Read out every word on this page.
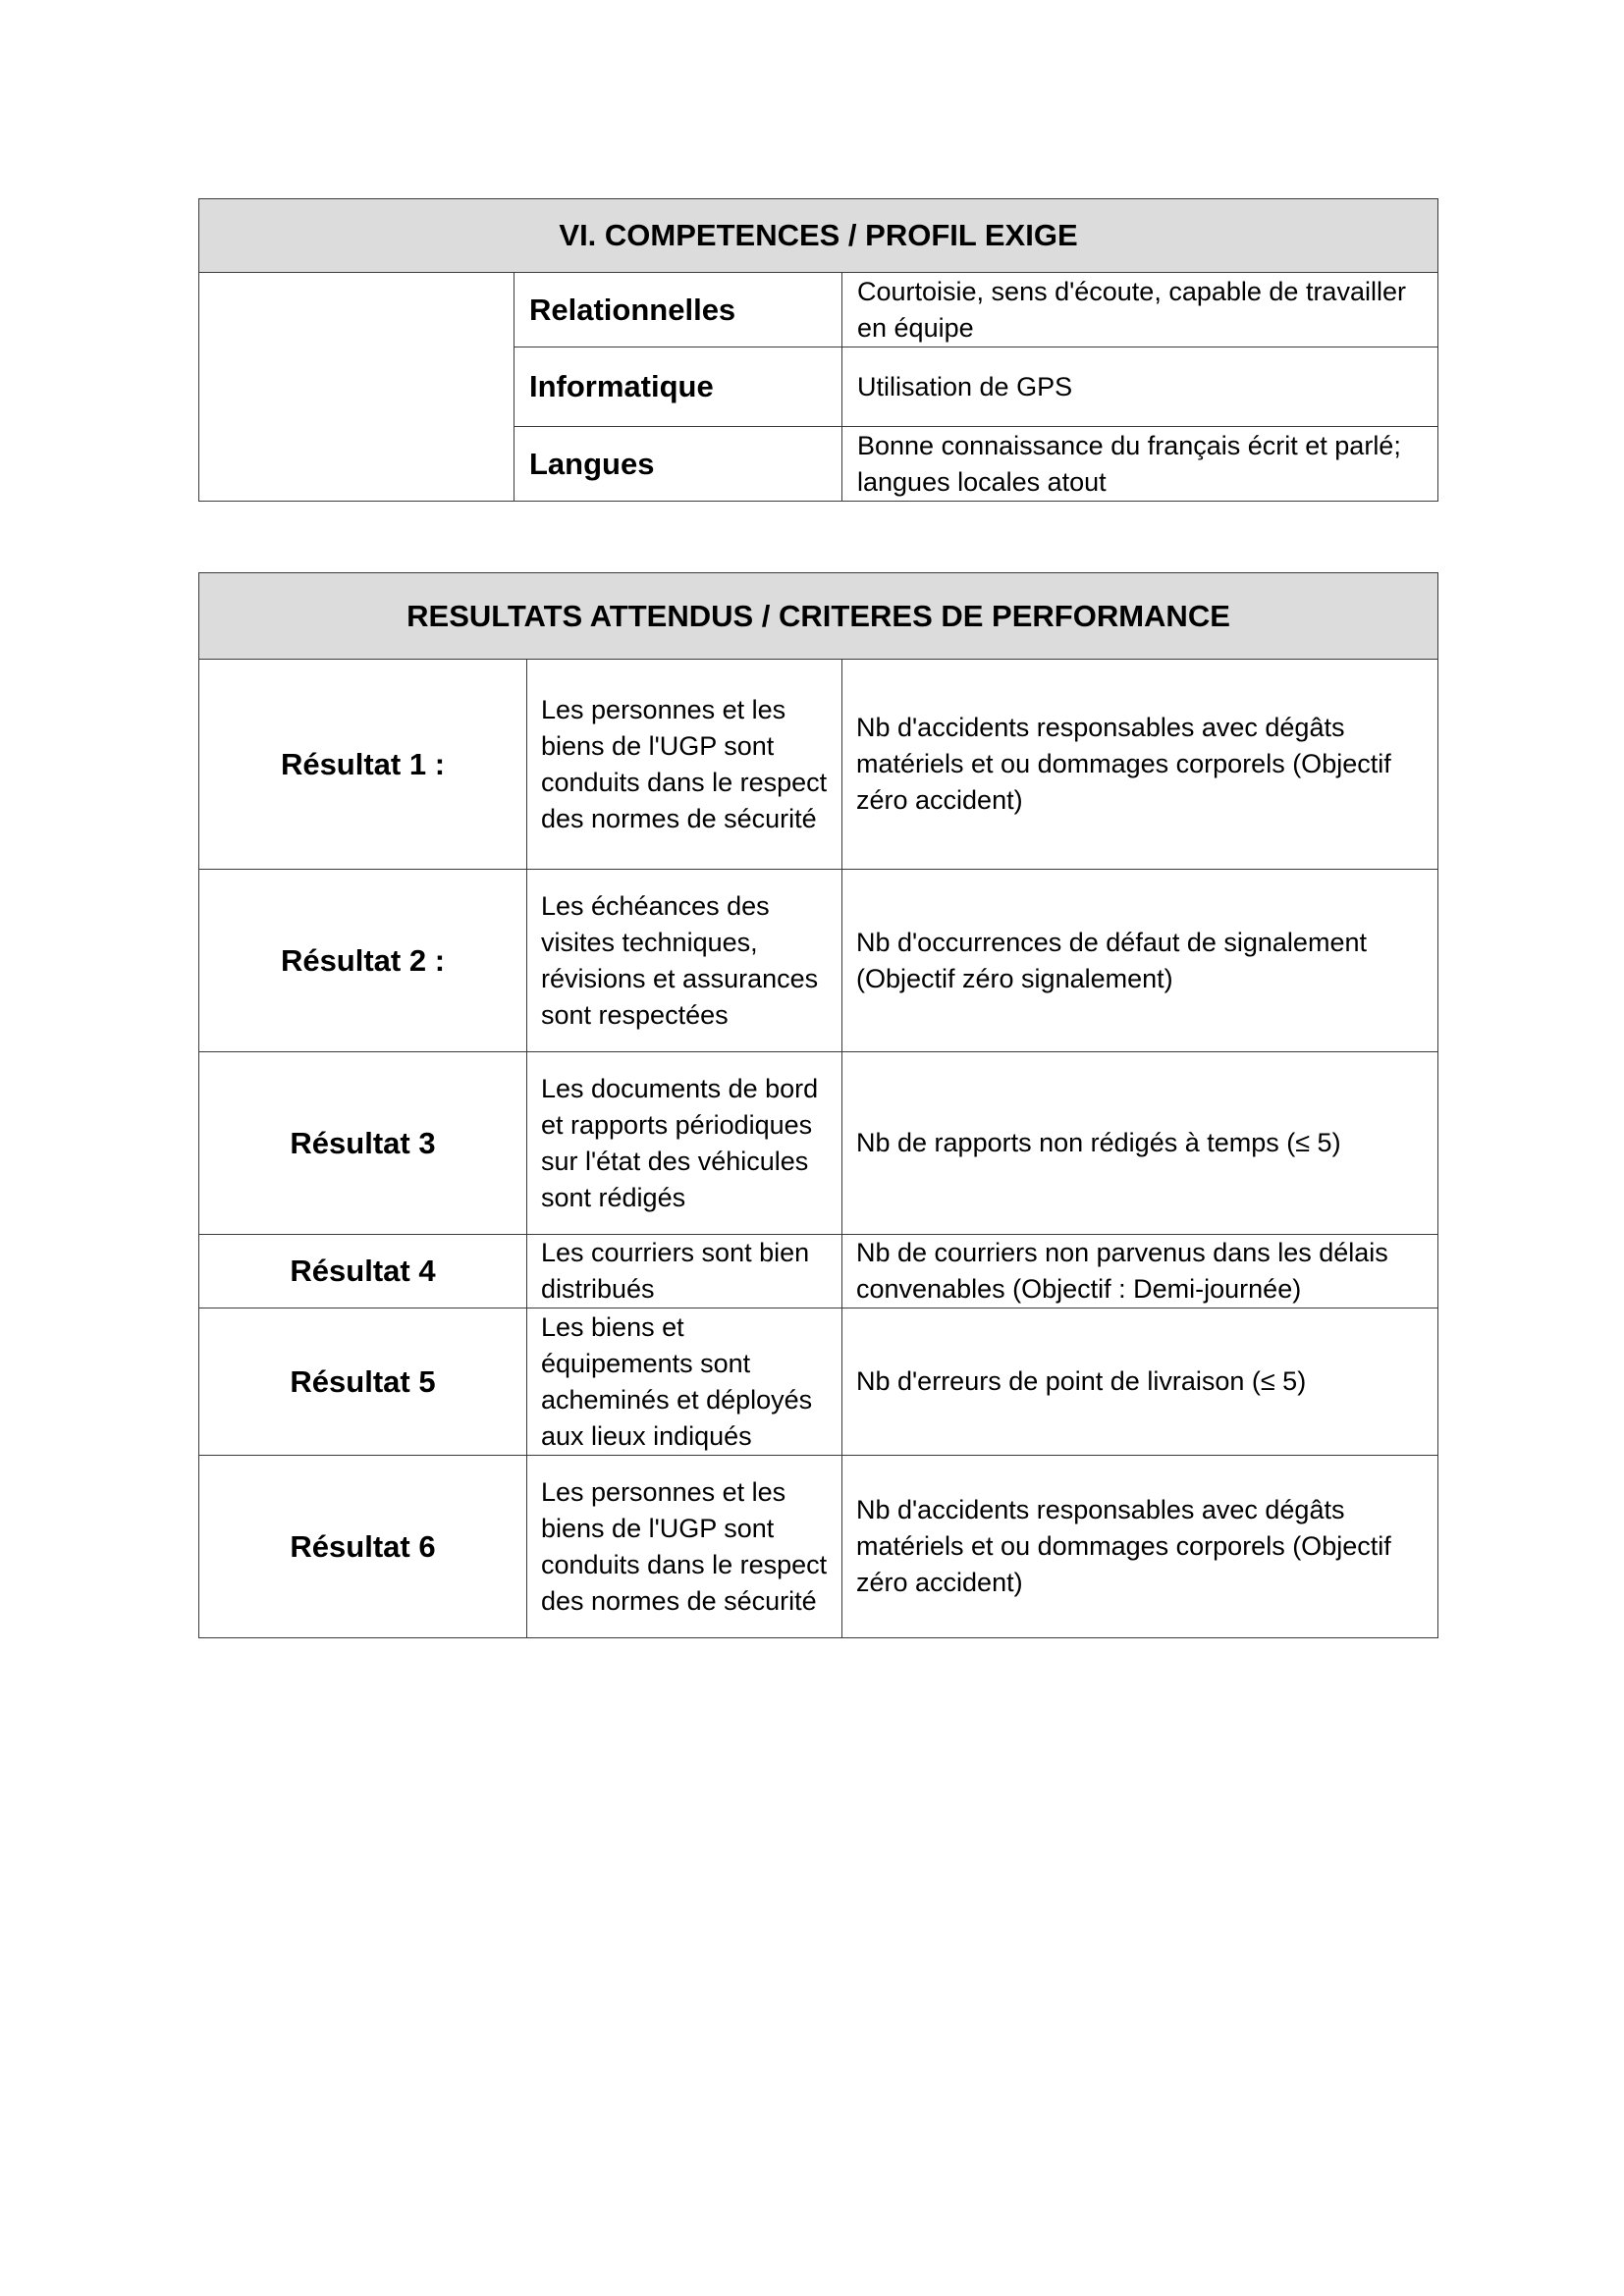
VI. COMPETENCES / PROFIL EXIGE		
	Relationnelles	Courtoisie, sens d'écoute, capable de travailler en équipe
	Informatique	Utilisation de GPS
	Langues	Bonne connaissance du français écrit et parlé; langues locales atout
RESULTATS ATTENDUS / CRITERES DE PERFORMANCE		
Résultat 1 :	Les personnes et les biens de l'UGP sont conduits dans le respect des normes de sécurité	Nb d'accidents responsables avec dégâts matériels et ou dommages corporels (Objectif zéro accident)
Résultat 2 :	Les échéances des visites techniques, révisions et assurances sont respectées	Nb d'occurrences de défaut de signalement (Objectif zéro signalement)
Résultat 3	Les documents de bord et rapports périodiques sur l'état des véhicules sont rédigés	Nb de rapports non rédigés à temps (≤ 5)
Résultat 4	Les courriers sont bien distribués	Nb de courriers non parvenus dans les délais convenables (Objectif : Demi-journée)
Résultat 5	Les biens et équipements sont acheminés et déployés aux lieux indiqués	Nb d'erreurs de point de livraison (≤ 5)
Résultat 6	Les personnes et les biens de l'UGP sont conduits dans le respect des normes de sécurité	Nb d'accidents responsables avec dégâts matériels et ou dommages corporels (Objectif zéro accident)
